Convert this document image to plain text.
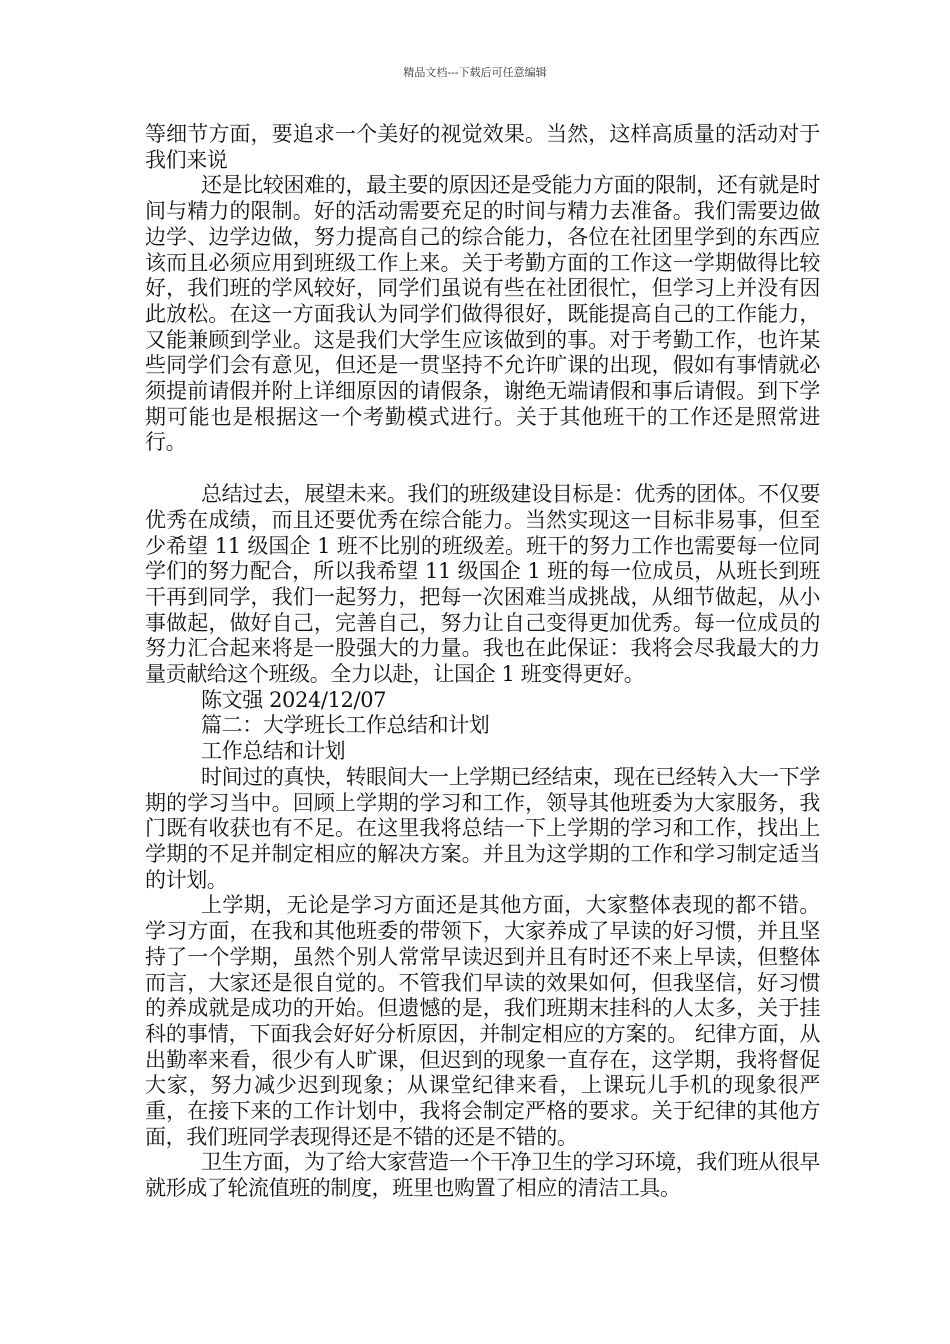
精品文档---下载后可任意编辑

等细节方面，要追求一个美好的视觉效果。当然，这样高质量的活动对于我们来说

还是比较困难的，最主要的原因还是受能力方面的限制，还有就是时间与精力的限制。好的活动需要充足的时间与精力去准备。我们需要边做边学、边学边做，努力提高自己的综合能力，各位在社团里学到的东西应该而且必须应用到班级工作上来。关于考勤方面的工作这一学期做得比较好，我们班的学风较好，同学们虽说有些在社团很忙，但学习上并没有因此放松。在这一方面我认为同学们做得很好，既能提高自己的工作能力，又能兼顾到学业。这是我们大学生应该做到的事。对于考勤工作，也许某些同学们会有意见，但还是一贯坚持不允许旷课的出现，假如有事情就必须提前请假并附上详细原因的请假条，谢绝无端请假和事后请假。到下学期可能也是根据这一个考勤模式进行。关于其他班干的工作还是照常进行。

总结过去，展望未来。我们的班级建设目标是：优秀的团体。不仅要优秀在成绩，而且还要优秀在综合能力。当然实现这一目标非易事，但至少希望 11 级国企 1 班不比别的班级差。班干的努力工作也需要每一位同学们的努力配合，所以我希望 11 级国企 1 班的每一位成员，从班长到班干再到同学，我们一起努力，把每一次困难当成挑战，从细节做起，从小事做起，做好自己，完善自己，努力让自己变得更加优秀。每一位成员的努力汇合起来将是一股强大的力量。我也在此保证：我将会尽我最大的力量贡献给这个班级。全力以赴，让国企 1 班变得更好。

陈文强 2024/12/07

篇二：大学班长工作总结和计划

工作总结和计划

时间过的真快，转眼间大一上学期已经结束，现在已经转入大一下学期的学习当中。回顾上学期的学习和工作，领导其他班委为大家服务，我门既有收获也有不足。在这里我将总结一下上学期的学习和工作，找出上学期的不足并制定相应的解决方案。并且为这学期的工作和学习制定适当的计划。

上学期，无论是学习方面还是其他方面，大家整体表现的都不错。 学习方面，在我和其他班委的带领下，大家养成了早读的好习惯，并且坚持了一个学期，虽然个别人常常早读迟到并且有时还不来上早读，但整体而言，大家还是很自觉的。不管我们早读的效果如何，但我坚信，好习惯的养成就是成功的开始。但遗憾的是，我们班期末挂科的人太多，关于挂科的事情，下面我会好好分析原因，并制定相应的方案的。 纪律方面，从出勤率来看，很少有人旷课，但迟到的现象一直存在，这学期，我将督促大家，努力减少迟到现象；从课堂纪律来看，上课玩儿手机的现象很严重，在接下来的工作计划中，我将会制定严格的要求。关于纪律的其他方面，我们班同学表现得还是不错的还是不错的。

卫生方面，为了给大家营造一个干净卫生的学习环境，我们班从很早就形成了轮流值班的制度，班里也购置了相应的清洁工具。
